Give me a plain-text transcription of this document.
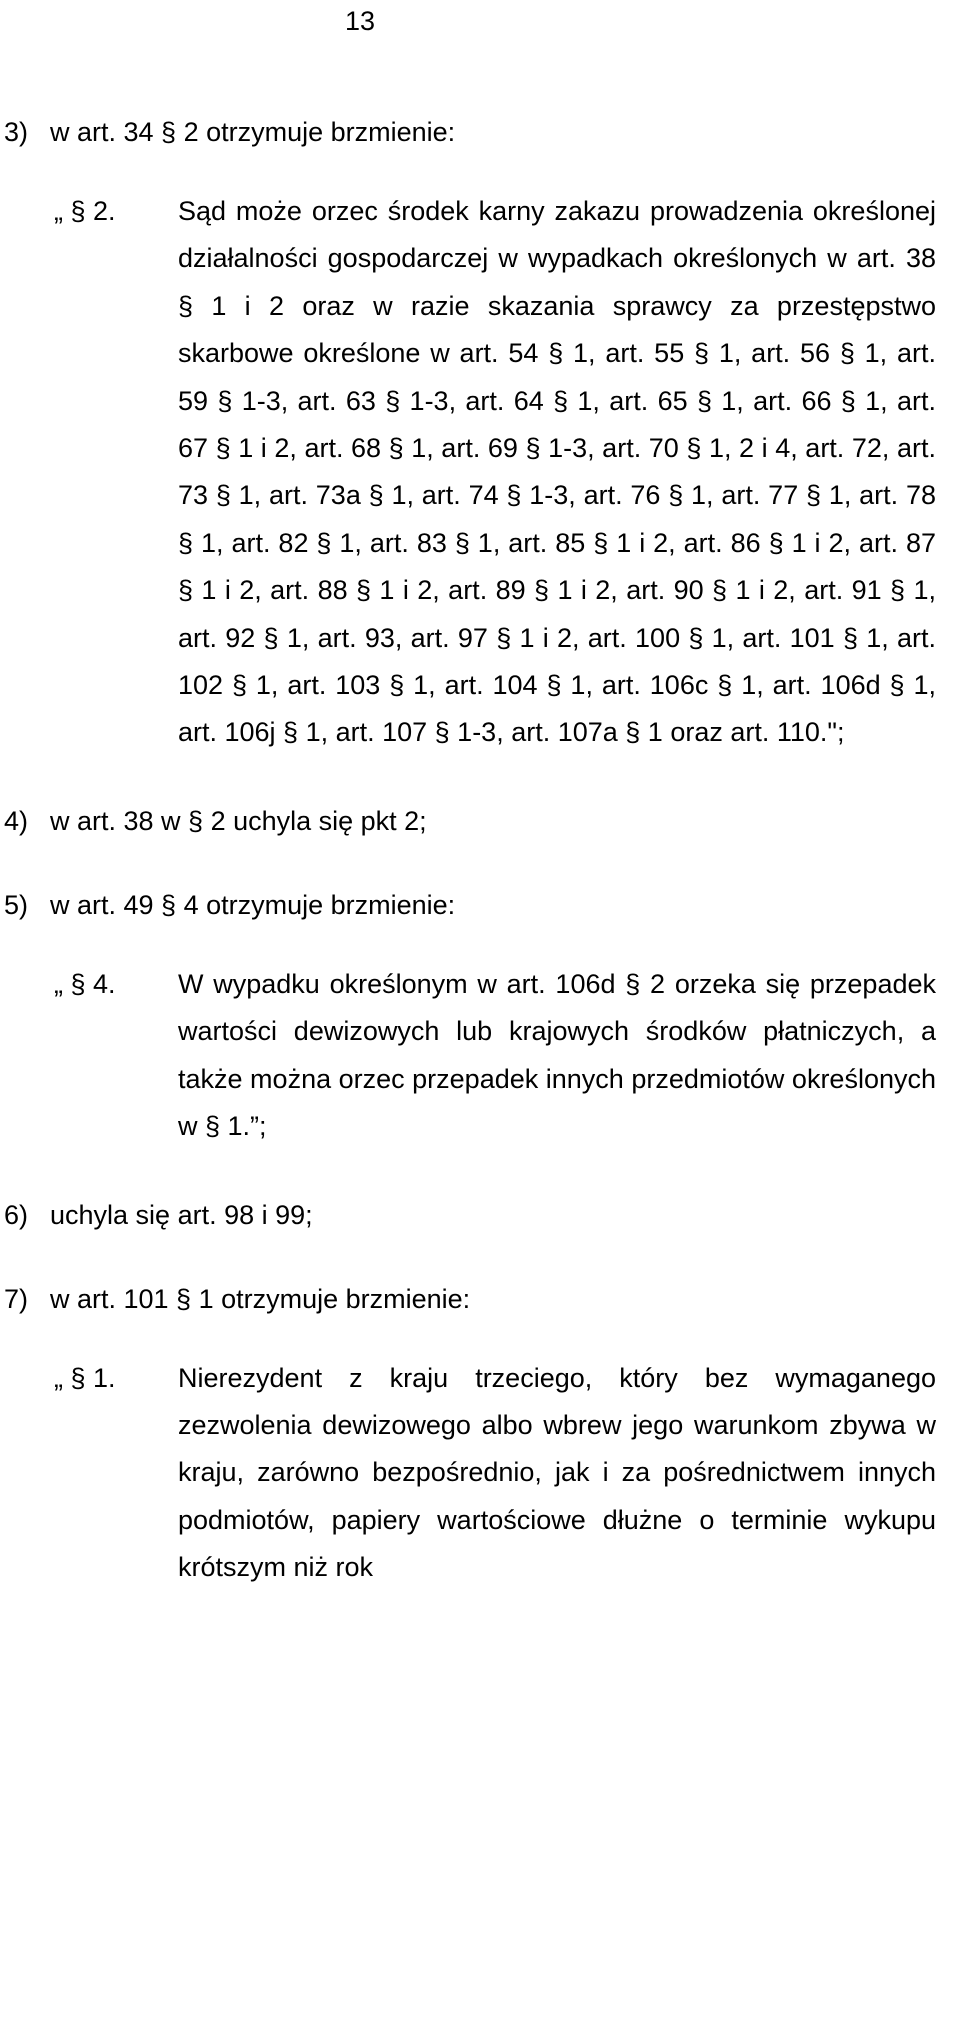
13
3) w art. 34 § 2 otrzymuje brzmienie:
„ § 2. Sąd może orzec środek karny zakazu prowadzenia określonej działalności gospodarczej w wypadkach określonych w art. 38 § 1 i 2 oraz w razie skazania sprawcy za przestępstwo skarbowe określone w art. 54 § 1, art. 55 § 1, art. 56 § 1, art. 59 § 1-3, art. 63 § 1-3, art. 64 § 1, art. 65 § 1, art. 66 § 1, art. 67 § 1 i 2, art. 68 § 1, art. 69 § 1-3, art. 70 § 1, 2 i 4, art. 72, art. 73 § 1, art. 73a § 1, art. 74 § 1-3, art. 76 § 1, art. 77 § 1, art. 78 § 1, art. 82 § 1, art. 83 § 1, art. 85 § 1 i 2, art. 86 § 1 i 2, art. 87 § 1 i 2, art. 88 § 1 i 2, art. 89 § 1 i 2, art. 90 § 1 i 2, art. 91 § 1, art. 92 § 1, art. 93, art. 97 § 1 i 2, art. 100 § 1, art. 101 § 1, art. 102 § 1, art. 103 § 1, art. 104 § 1, art. 106c § 1, art. 106d § 1, art. 106j § 1, art. 107 § 1-3, art. 107a § 1 oraz art. 110.";
4) w art. 38 w § 2 uchyla się pkt 2;
5) w art. 49 § 4 otrzymuje brzmienie:
„ § 4. W wypadku określonym w art. 106d § 2 orzeka się przepadek wartości dewizowych lub krajowych środków płatniczych, a także można orzec przepadek innych przedmiotów określonych w § 1.”;
6) uchyla się art. 98 i 99;
7) w art. 101 § 1 otrzymuje brzmienie:
„ § 1. Nierezydent z kraju trzeciego, który bez wymaganego zezwolenia dewizowego albo wbrew jego warunkom zbywa w kraju, zarówno bezpośrednio, jak i za pośrednictwem innych podmiotów, papiery wartościowe dłużne o terminie wykupu krótszym niż rok
